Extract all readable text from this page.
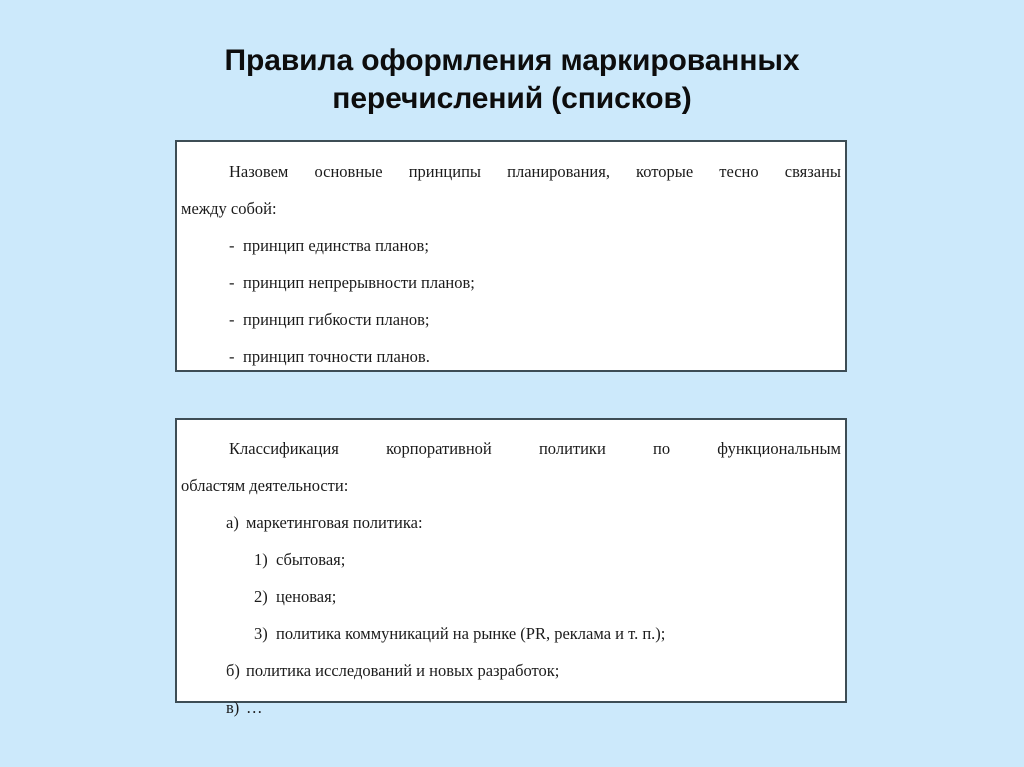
Правила оформления маркированных перечислений (списков)

Назовем основные принципы планирования, которые тесно связаны
между собой:

- принцип единства планов;
- принцип непрерывности планов;
- принцип гибкости планов;
- принцип точности планов.

Классификация корпоративной политики по функциональным
областям деятельности:

а) маркетинговая политика:
1) сбытовая;
2) ценовая;
3) политика коммуникаций на рынке (PR, реклама и т. п.);
б) политика исследований и новых разработок;
в) …
